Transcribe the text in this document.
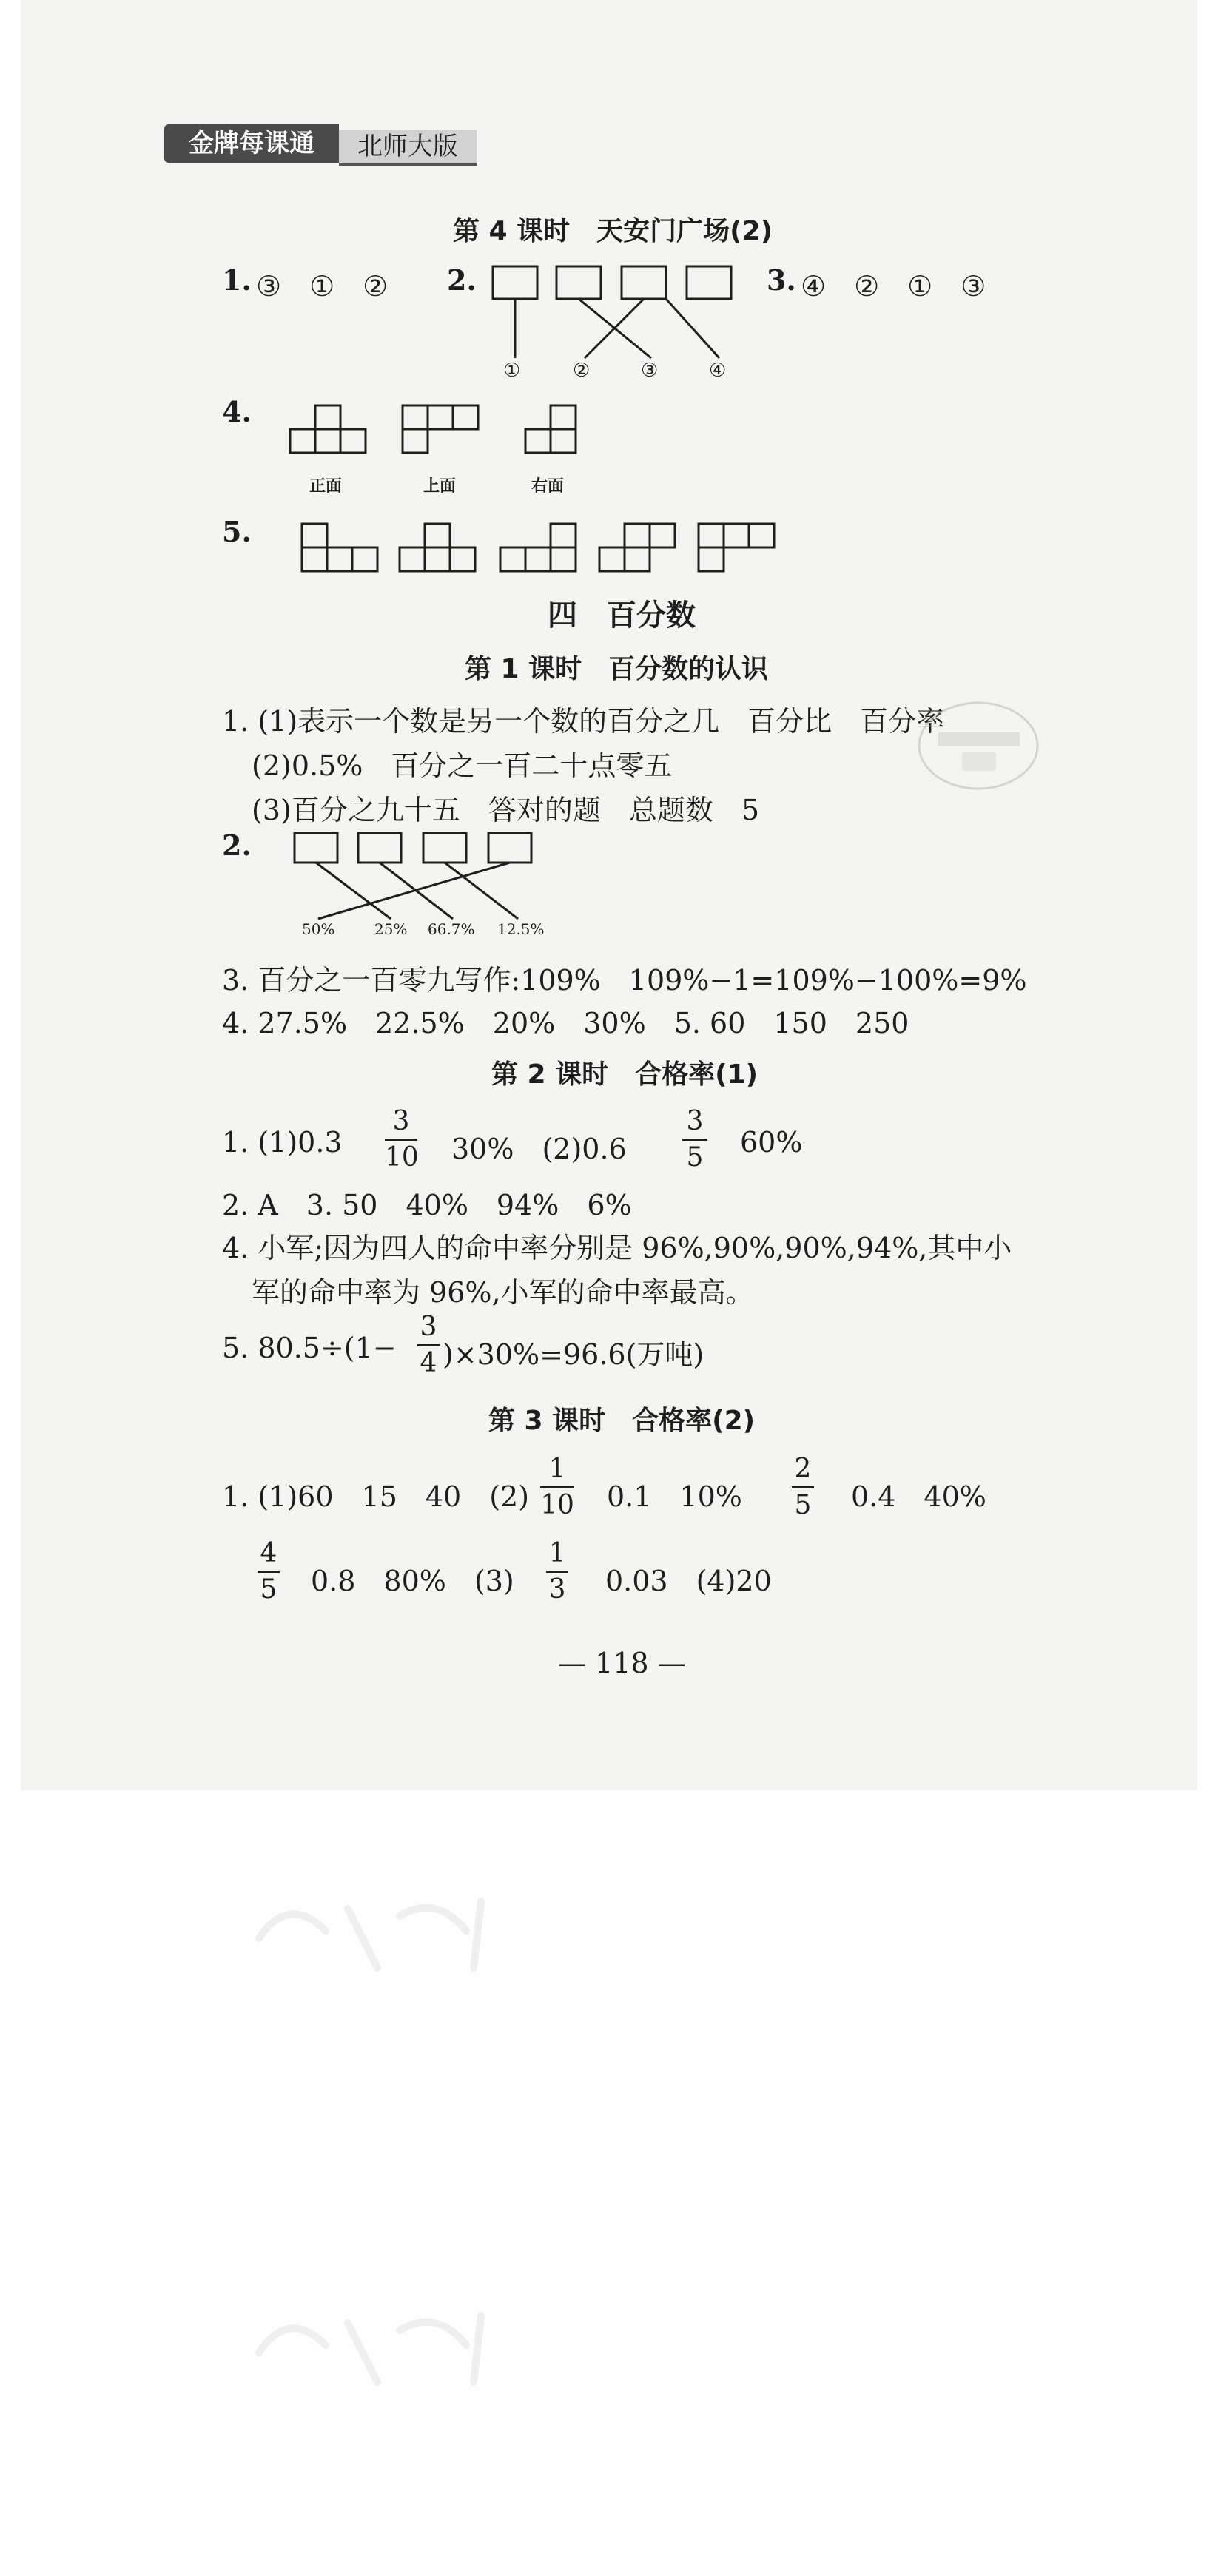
金牌每课通	北师大版
第 4 课时　天安门广场(2)
1. ③　①　② 2.	3. ④　②　①　③
①	②	③	④
4.
正面	上面	右面
5.
四　百分数
第 1 课时　百分数的认识
1. (1)表示一个数是另一个数的百分之几　百分比　百分率
(2)0.5%　百分之一百二十点零五
(3)百分之九十五　答对的题　总题数　5
2.
50%	25% 66.7% 12.5%
3. 百分之一百零九写作:109%　109%−1=109%−100%=9%
4. 27.5%　22.5%　20%　30%　5. 60　150　250
第 2 课时　合格率(1)
1. (1)0.3
3
10 30%　(2)0.6
3
5 60%
2. A　3. 50　40%　94%　6%
4. 小军;因为四人的命中率分别是 96%,90%,90%,94%,其中小
军的命中率为 96%,小军的命中率最高。
5. 80.5÷(1−
3
4 )×30%=96.6(万吨)
第 3 课时　合格率(2)
1. (1)60　15　40　(2)
1
10 0.1　10%
2
5 0.4　40%
4
5 0.8　80%　(3)
1
3 0.03　(4)20
— 118 —
